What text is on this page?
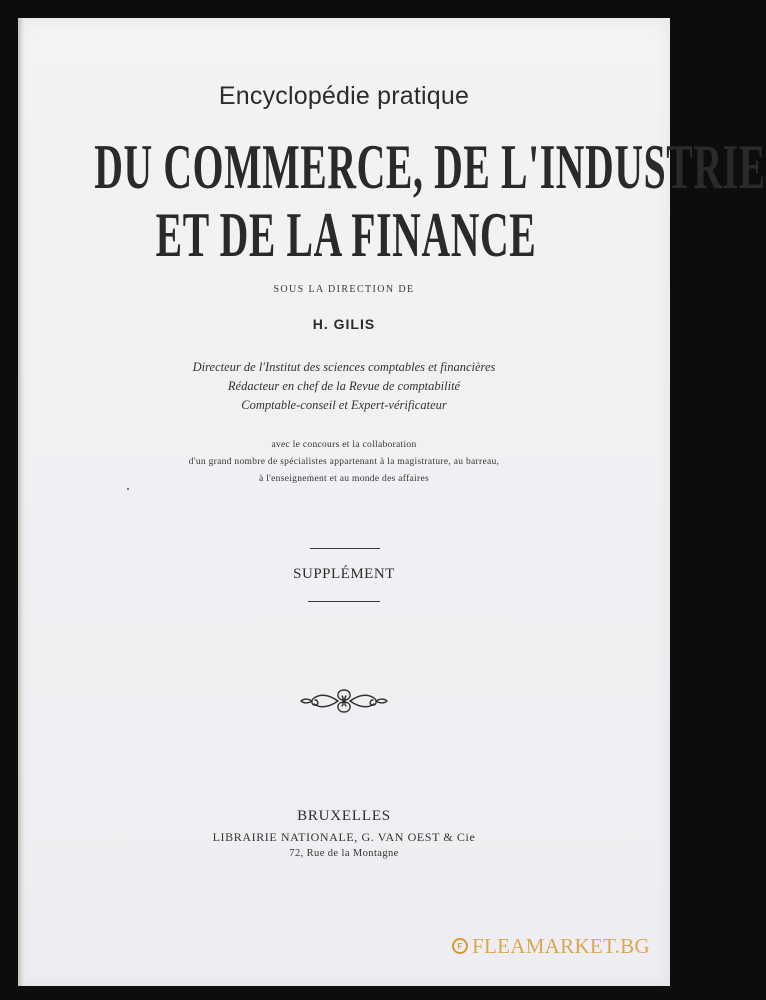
Encyclopédie pratique
DU COMMERCE, DE L'INDUSTRIE
ET DE LA FINANCE
SOUS LA DIRECTION DE
H. GILIS
Directeur de l'Institut des sciences comptables et financières
Rédacteur en chef de la Revue de comptabilité
Comptable-conseil et Expert-vérificateur
avec le concours et la collaboration
d'un grand nombre de spécialistes appartenant à la magistrature, au barreau,
à l'enseignement et au monde des affaires
SUPPLÉMENT
BRUXELLES
LIBRAIRIE NATIONALE, G. VAN OEST & Cie
72, Rue de la Montagne
F FLEAMARKET.BG
